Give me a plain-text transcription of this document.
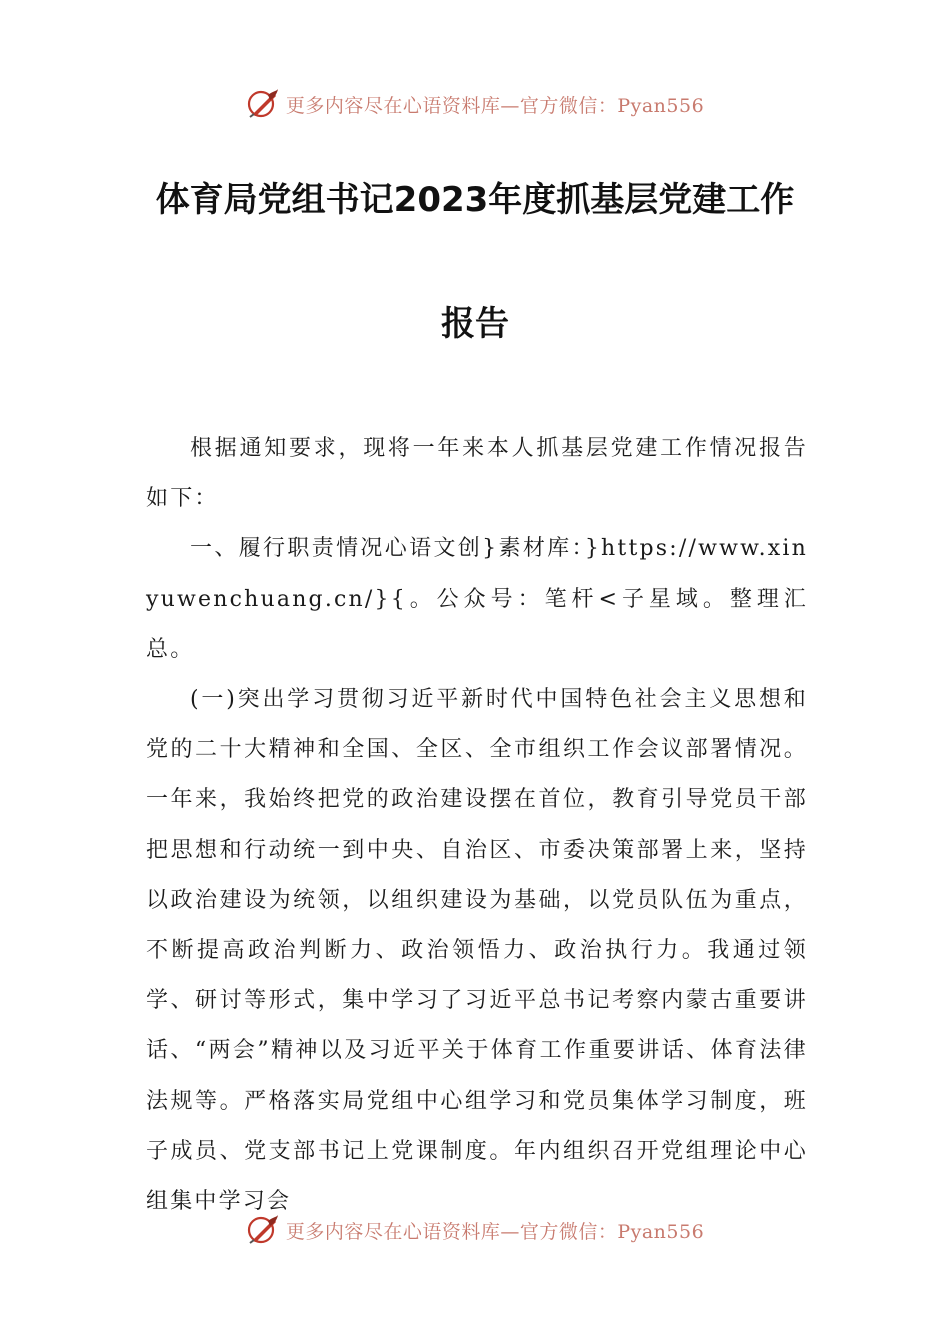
更多内容尽在心语资料库—官方微信：Pyan556
体育局党组书记2023年度抓基层党建工作
报告

根据通知要求，现将一年来本人抓基层党建工作情况报告如下：

一、履行职责情况心语文创}素材库：}https://www.xinyuwenchuang.cn/}{。公众号：笔杆<子星域。整理汇总。

(一)突出学习贯彻习近平新时代中国特色社会主义思想和党的二十大精神和全国、全区、全市组织工作会议部署情况。一年来，我始终把党的政治建设摆在首位，教育引导党员干部把思想和行动统一到中央、自治区、市委决策部署上来，坚持以政治建设为统领，以组织建设为基础，以党员队伍为重点，不断提高政治判断力、政治领悟力、政治执行力。我通过领学、研讨等形式，集中学习了习近平总书记考察内蒙古重要讲话、“两会”精神以及习近平关于体育工作重要讲话、体育法律法规等。严格落实局党组中心组学习和党员集体学习制度，班子成员、党支部书记上党课制度。年内组织召开党组理论中心组集中学习会

更多内容尽在心语资料库—官方微信：Pyan556
